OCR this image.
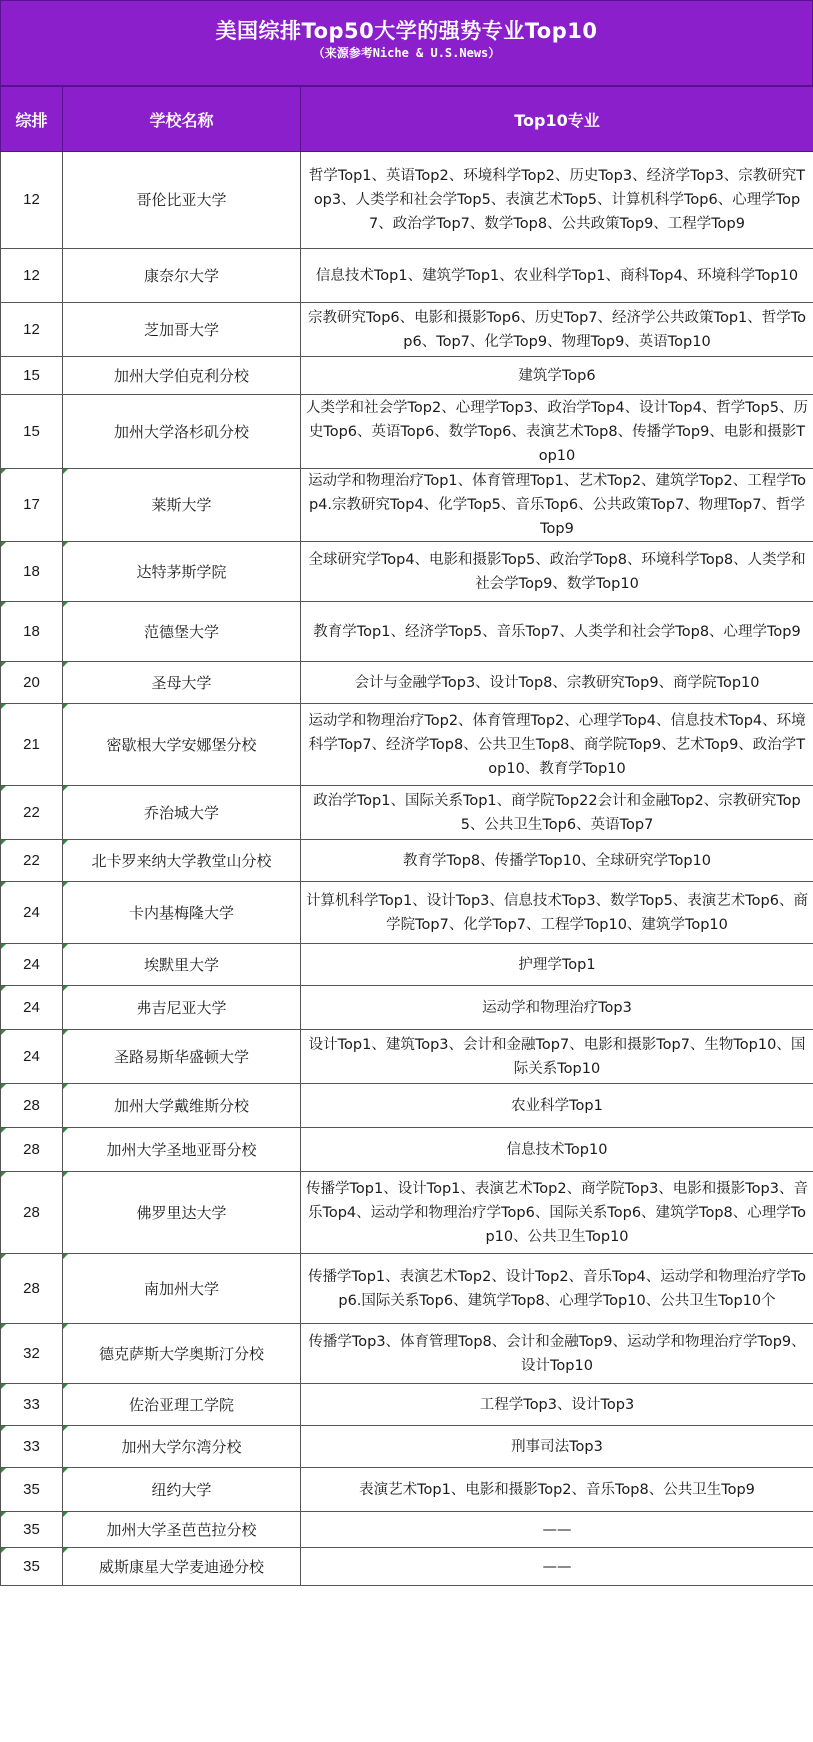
美国综排Top50大学的强势专业Top10
（来源参考Niche & U.S.News）
综排	学校名称	Top10专业
12	哥伦比亚大学	哲学Top1、英语Top2、环境科学Top2、历史Top3、经济学Top3、宗教研究Top3、人类学和社会学Top5、表演艺术Top5、计算机科学Top6、心理学Top7、政治学Top7、数学Top8、公共政策Top9、工程学Top9
12	康奈尔大学	信息技术Top1、建筑学Top1、农业科学Top1、商科Top4、环境科学Top10
12	芝加哥大学	宗教研究Top6、电影和摄影Top6、历史Top7、经济学公共政策Top1、哲学Top6、Top7、化学Top9、物理Top9、英语Top10
15	加州大学伯克利分校	建筑学Top6
15	加州大学洛杉矶分校	人类学和社会学Top2、心理学Top3、政治学Top4、设计Top4、哲学Top5、历史Top6、英语Top6、数学Top6、表演艺术Top8、传播学Top9、电影和摄影Top10
17	莱斯大学	运动学和物理治疗Top1、体育管理Top1、艺术Top2、建筑学Top2、工程学Top4.宗教研究Top4、化学Top5、音乐Top6、公共政策Top7、物理Top7、哲学Top9
18	达特茅斯学院	全球研究学Top4、电影和摄影Top5、政治学Top8、环境科学Top8、人类学和社会学Top9、数学Top10
18	范德堡大学	教育学Top1、经济学Top5、音乐Top7、人类学和社会学Top8、心理学Top9
20	圣母大学	会计与金融学Top3、设计Top8、宗教研究Top9、商学院Top10
21	密歇根大学安娜堡分校	运动学和物理治疗Top2、体育管理Top2、心理学Top4、信息技术Top4、环境科学Top7、经济学Top8、公共卫生Top8、商学院Top9、艺术Top9、政治学Top10、教育学Top10
22	乔治城大学	政治学Top1、国际关系Top1、商学院Top22会计和金融Top2、宗教研究Top5、公共卫生Top6、英语Top7
22	北卡罗来纳大学教堂山分校	教育学Top8、传播学Top10、全球研究学Top10
24	卡内基梅隆大学	计算机科学Top1、设计Top3、信息技术Top3、数学Top5、表演艺术Top6、商学院Top7、化学Top7、工程学Top10、建筑学Top10
24	埃默里大学	护理学Top1
24	弗吉尼亚大学	运动学和物理治疗Top3
24	圣路易斯华盛顿大学	设计Top1、建筑Top3、会计和金融Top7、电影和摄影Top7、生物Top10、国际关系Top10
28	加州大学戴维斯分校	农业科学Top1
28	加州大学圣地亚哥分校	信息技术Top10
28	佛罗里达大学	传播学Top1、设计Top1、表演艺术Top2、商学院Top3、电影和摄影Top3、音乐Top4、运动学和物理治疗学Top6、国际关系Top6、建筑学Top8、心理学Top10、公共卫生Top10
28	南加州大学	传播学Top1、表演艺术Top2、设计Top2、音乐Top4、运动学和物理治疗学Top6.国际关系Top6、建筑学Top8、心理学Top10、公共卫生Top10个
32	德克萨斯大学奥斯汀分校	传播学Top3、体育管理Top8、会计和金融Top9、运动学和物理治疗学Top9、设计Top10
33	佐治亚理工学院	工程学Top3、设计Top3
33	加州大学尔湾分校	刑事司法Top3
35	纽约大学	表演艺术Top1、电影和摄影Top2、音乐Top8、公共卫生Top9
35	加州大学圣芭芭拉分校	——
35	威斯康星大学麦迪逊分校	——
